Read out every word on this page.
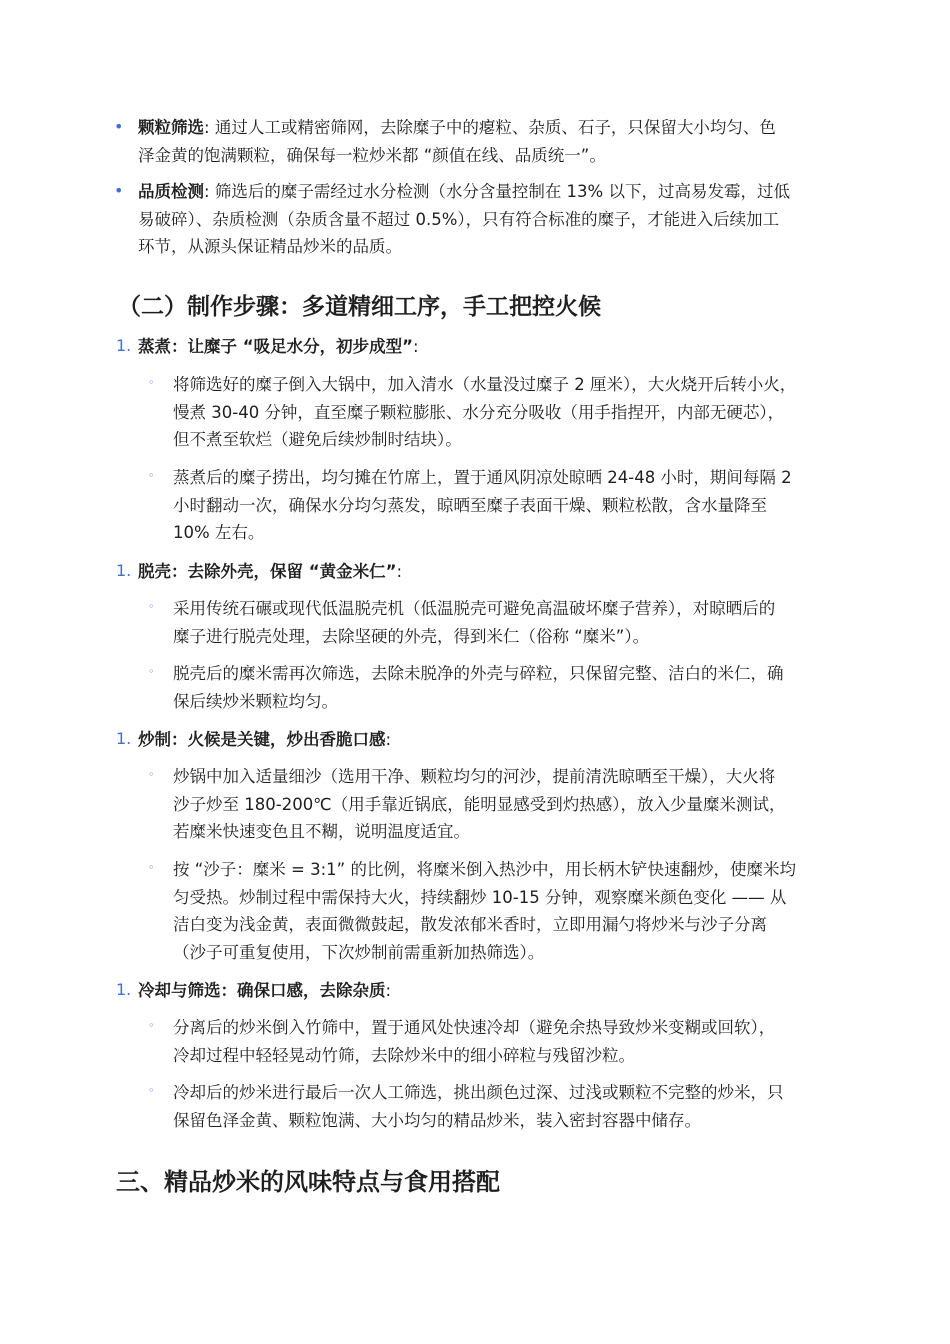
• 颗粒筛选: 通过人工或精密筛网，去除糜子中的瘪粒、杂质、石子，只保留大小均匀、色
泽金黄的饱满颗粒，确保每一粒炒米都 “颜值在线、品质统一”。
• 品质检测: 筛选后的糜子需经过水分检测（水分含量控制在 13% 以下，过高易发霉，过低
易破碎）、杂质检测（杂质含量不超过 0.5%），只有符合标准的糜子，才能进入后续加工
环节，从源头保证精品炒米的品质。
（二）制作步骤：多道精细工序，手工把控火候
1. 蒸煮：让糜子 “吸足水分，初步成型”:
◦ 将筛选好的糜子倒入大锅中，加入清水（水量没过糜子 2 厘米），大火烧开后转小火，
慢煮 30-40 分钟，直至糜子颗粒膨胀、水分充分吸收（用手指捏开，内部无硬芯），
但不煮至软烂（避免后续炒制时结块）。
◦ 蒸煮后的糜子捞出，均匀摊在竹席上，置于通风阴凉处晾晒 24-48 小时，期间每隔 2
小时翻动一次，确保水分均匀蒸发，晾晒至糜子表面干燥、颗粒松散，含水量降至
10% 左右。
1. 脱壳：去除外壳，保留 “黄金米仁”:
◦ 采用传统石碾或现代低温脱壳机（低温脱壳可避免高温破坏糜子营养），对晾晒后的
糜子进行脱壳处理，去除坚硬的外壳，得到米仁（俗称 “糜米”）。
◦ 脱壳后的糜米需再次筛选，去除未脱净的外壳与碎粒，只保留完整、洁白的米仁，确
保后续炒米颗粒均匀。
1. 炒制：火候是关键，炒出香脆口感:
◦ 炒锅中加入适量细沙（选用干净、颗粒均匀的河沙，提前清洗晾晒至干燥），大火将
沙子炒至 180-200℃（用手靠近锅底，能明显感受到灼热感），放入少量糜米测试，
若糜米快速变色且不糊，说明温度适宜。
◦ 按 “沙子：糜米 = 3:1” 的比例，将糜米倒入热沙中，用长柄木铲快速翻炒，使糜米均
匀受热。炒制过程中需保持大火，持续翻炒 10-15 分钟，观察糜米颜色变化 —— 从
洁白变为浅金黄，表面微微鼓起，散发浓郁米香时，立即用漏勺将炒米与沙子分离
（沙子可重复使用，下次炒制前需重新加热筛选）。
1. 冷却与筛选：确保口感，去除杂质:
◦ 分离后的炒米倒入竹筛中，置于通风处快速冷却（避免余热导致炒米变糊或回软），
冷却过程中轻轻晃动竹筛，去除炒米中的细小碎粒与残留沙粒。
◦ 冷却后的炒米进行最后一次人工筛选，挑出颜色过深、过浅或颗粒不完整的炒米，只
保留色泽金黄、颗粒饱满、大小均匀的精品炒米，装入密封容器中储存。
三、精品炒米的风味特点与食用搭配
